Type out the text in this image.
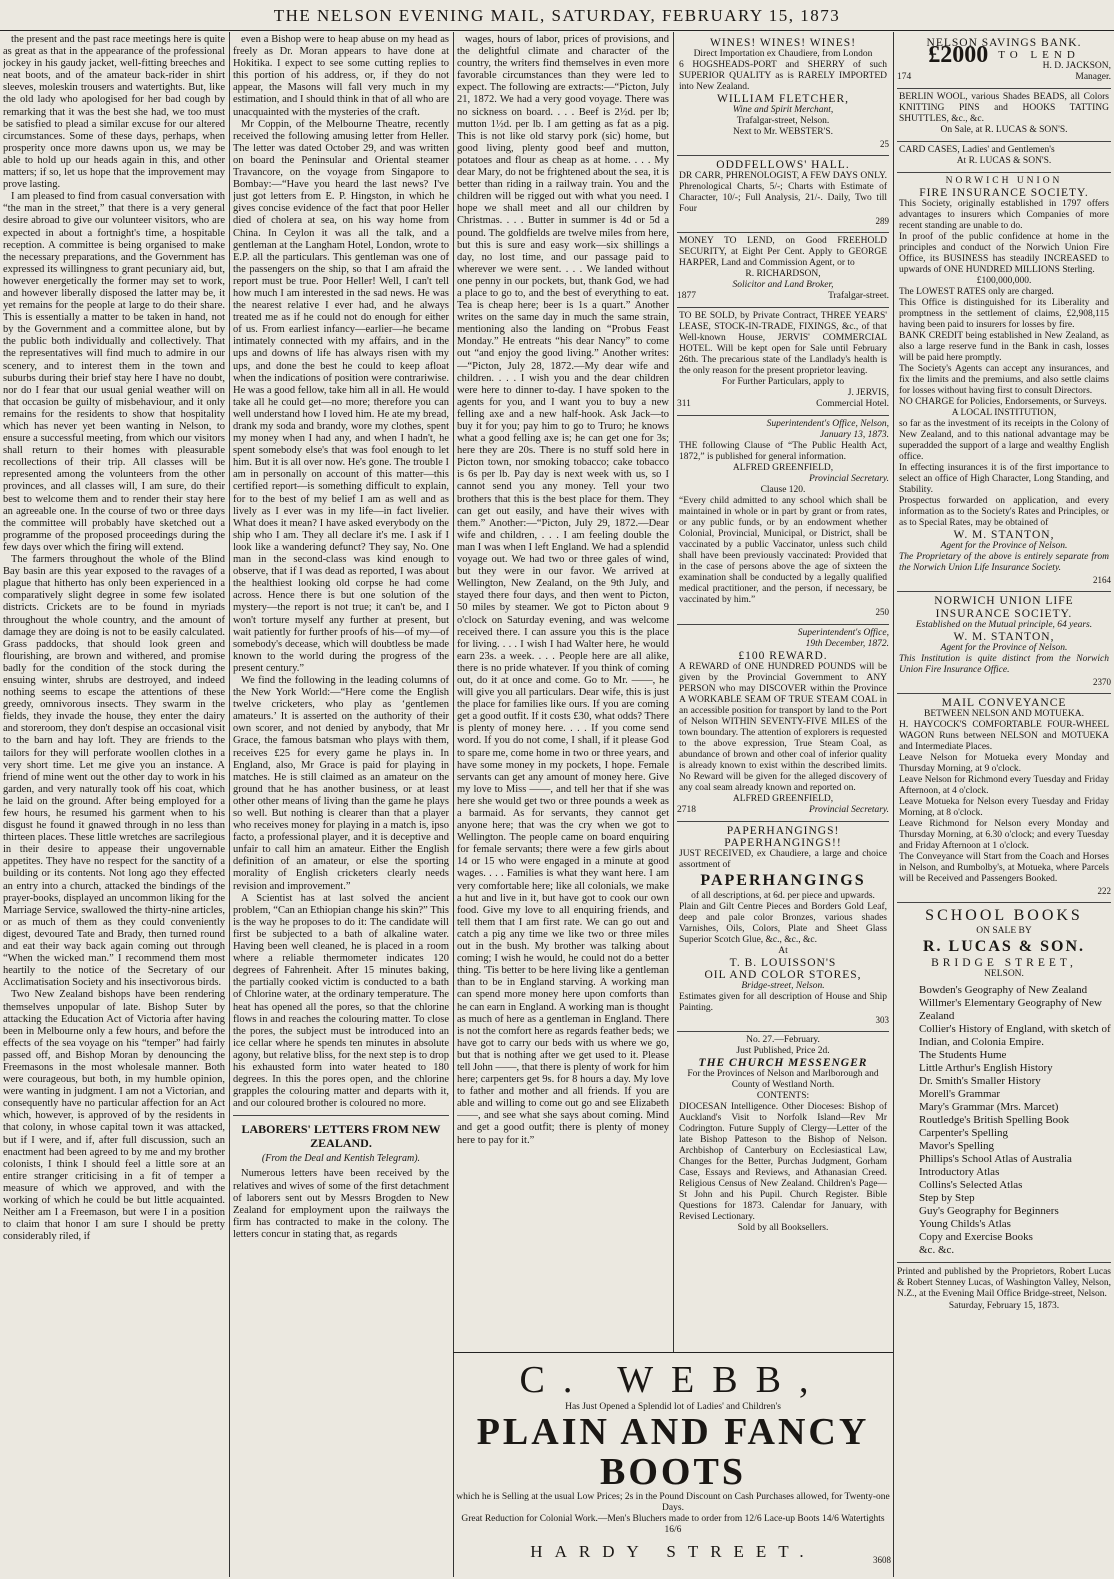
THE NELSON EVENING MAIL, SATURDAY, FEBRUARY 15, 1873

the present and the past race meetings here is quite as great as that in the appearance of the professional jockey in his gaudy jacket, well-fitting breeches and neat boots, and of the amateur back-rider in shirt sleeves, moleskin trousers and watertights. But, like the old lady who apologised for her bad cough by remarking that it was the best she had, we too must be satisfied to plead a similar excuse for our altered circumstances. Some of these days, perhaps, when prosperity once more dawns upon us, we may be able to hold up our heads again in this, and other matters; if so, let us hope that the improvement may prove lasting.

I am pleased to find from casual conversation with “the man in the street,” that there is a very general desire abroad to give our volunteer visitors, who are expected in about a fortnight's time, a hospitable reception. A committee is being organised to make the necessary preparations, and the Government has expressed its willingness to grant pecuniary aid, but, however energetically the former may set to work, and however liberally disposed the latter may be, it yet remains for the people at large to do their share. This is essentially a matter to be taken in hand, not by the Government and a committee alone, but by the public both individually and collectively. That the representatives will find much to admire in our scenery, and to interest them in the town and suburbs during their brief stay here I have no doubt, nor do I fear that our usual genial weather will on that occasion be guilty of misbehaviour, and it only remains for the residents to show that hospitality which has never yet been wanting in Nelson, to ensure a successful meeting, from which our visitors shall return to their homes with pleasurable recollections of their trip. All classes will be represented among the volunteers from the other provinces, and all classes will, I am sure, do their best to welcome them and to render their stay here an agreeable one. In the course of two or three days the committee will probably have sketched out a programme of the proposed proceedings during the few days over which the firing will extend.

The farmers throughout the whole of the Blind Bay basin are this year exposed to the ravages of a plague that hitherto has only been experienced in a comparatively slight degree in some few isolated districts. Crickets are to be found in myriads throughout the whole country, and the amount of damage they are doing is not to be easily calculated. Grass paddocks, that should look green and flourishing, are brown and withered, and promise badly for the condition of the stock during the ensuing winter, shrubs are destroyed, and indeed nothing seems to escape the attentions of these greedy, omnivorous insects. They swarm in the fields, they invade the house, they enter the dairy and storeroom, they don't despise an occasional visit to the barn and hay loft. They are friends to the tailors for they will perforate woollen clothes in a very short time. Let me give you an instance. A friend of mine went out the other day to work in his garden, and very naturally took off his coat, which he laid on the ground. After being employed for a few hours, he resumed his garment when to his disgust he found it gnawed through in no less than thirteen places. These little wretches are sacrilegious in their desire to appease their ungovernable appetites. They have no respect for the sanctity of a building or its contents. Not long ago they effected an entry into a church, attacked the bindings of the prayer-books, displayed an uncommon liking for the Marriage Service, swallowed the thirty-nine articles, or as much of them as they could conveniently digest, devoured Tate and Brady, then turned round and eat their way back again coming out through “When the wicked man.” I recommend them most heartily to the notice of the Secretary of our Acclimatisation Society and his insectivorous birds.

Two New Zealand bishops have been rendering themselves unpopular of late. Bishop Suter by attacking the Education Act of Victoria after having been in Melbourne only a few hours, and before the effects of the sea voyage on his “temper” had fairly passed off, and Bishop Moran by denouncing the Freemasons in the most wholesale manner. Both were courageous, but both, in my humble opinion, were wanting in judgment. I am not a Victorian, and consequently have no particular affection for an Act which, however, is approved of by the residents in that colony, in whose capital town it was attacked, but if I were, and if, after full discussion, such an enactment had been agreed to by me and my brother colonists, I think I should feel a little sore at an entire stranger criticising in a fit of temper a measure of which we approved, and with the working of which he could be but little acquainted. Neither am I a Freemason, but were I in a position to claim that honor I am sure I should be pretty considerably riled, if

even a Bishop were to heap abuse on my head as freely as Dr. Moran appears to have done at Hokitika. I expect to see some cutting replies to this portion of his address, or, if they do not appear, the Masons will fall very much in my estimation, and I should think in that of all who are unacquainted with the mysteries of the craft.

Mr Coppin, of the Melbourne Theatre, recently received the following amusing letter from Heller. The letter was dated October 29, and was written on board the Peninsular and Oriental steamer Travancore, on the voyage from Singapore to Bombay:—“Have you heard the last news? I've just got letters from E. P. Hingston, in which he gives concise evidence of the fact that poor Heller died of cholera at sea, on his way home from China. In Ceylon it was all the talk, and a gentleman at the Langham Hotel, London, wrote to E.P. all the particulars. This gentleman was one of the passengers on the ship, so that I am afraid the report must be true. Poor Heller! Well, I can't tell how much I am interested in the sad news. He was the nearest relative I ever had, and he always treated me as if he could not do enough for either of us. From earliest infancy—earlier—he became intimately connected with my affairs, and in the ups and downs of life has always risen with my ups, and done the best he could to keep afloat when the indications of position were contrariwise. He was a good fellow, take him all in all. He would take all he could get—no more; therefore you can well understand how I loved him. He ate my bread, drank my soda and brandy, wore my clothes, spent my money when I had any, and when I hadn't, he spent somebody else's that was fool enough to let him. But it is all over now. He's gone. The trouble I am in personally on account of this matter—this certified report—is something difficult to explain, for to the best of my belief I am as well and as lively as I ever was in my life—in fact livelier. What does it mean? I have asked everybody on the ship who I am. They all declare it's me. I ask if I look like a wandering defunct? They say, No. One man in the second-class was kind enough to observe, that if I was dead as reported, I was about the healthiest looking old corpse he had come across. Hence there is but one solution of the mystery—the report is not true; it can't be, and I won't torture myself any further at present, but wait patiently for further proofs of his—of my—of somebody's decease, which will doubtless be made known to the world during the progress of the present century.”

We find the following in the leading columns of the New York World:—“Here come the English twelve cricketers, who play as ‘gentlemen amateurs.’ It is asserted on the authority of their own scorer, and not denied by anybody, that Mr Grace, the famous batsman who plays with them, receives £25 for every game he plays in. In England, also, Mr Grace is paid for playing in matches. He is still claimed as an amateur on the ground that he has another business, or at least other other means of living than the game he plays so well. But nothing is clearer than that a player who receives money for playing in a match is, ipso facto, a professional player, and it is deceptive and unfair to call him an amateur. Either the English definition of an amateur, or else the sporting morality of English cricketers clearly needs revision and improvement.”

A Scientist has at last solved the ancient problem, “Can an Ethiopian change his skin?” This is the way he proposes to do it: The candidate will first be subjected to a bath of alkaline water. Having been well cleaned, he is placed in a room where a reliable thermometer indicates 120 degrees of Fahrenheit. After 15 minutes baking, the partially cooked victim is conducted to a bath of Chlorine water, at the ordinary temperature. The heat has opened all the pores, so that the chlorine flows in and reaches the colouring matter. To close the pores, the subject must be introduced into an ice cellar where he spends ten minutes in absolute agony, but relative bliss, for the next step is to drop his exhausted form into water heated to 180 degrees. In this the pores open, and the chlorine grapples the colouring matter and departs with it, and our coloured brother is coloured no more.

LABORERS' LETTERS FROM NEW ZEALAND.
(From the Deal and Kentish Telegram).

Numerous letters have been received by the relatives and wives of some of the first detachment of laborers sent out by Messrs Brogden to New Zealand for employment upon the railways the firm has contracted to make in the colony. The letters concur in stating that, as regards

wages, hours of labor, prices of provisions, and the delightful climate and character of the country, the writers find themselves in even more favorable circumstances than they were led to expect. The following are extracts:—“Picton, July 21, 1872. We had a very good voyage. There was no sickness on board. . . . Beef is 2½d. per lb; mutton 1½d. per lb. I am getting as fat as a pig. This is not like old starvy pork (sic) home, but good living, plenty good beef and mutton, potatoes and flour as cheap as at home. . . . My dear Mary, do not be frightened about the sea, it is better than riding in a railway train. You and the children will be rigged out with what you need. I hope we shall meet and all our children by Christmas. . . . Butter in summer is 4d or 5d a pound. The goldfields are twelve miles from here, but this is sure and easy work—six shillings a day, no lost time, and our passage paid to wherever we were sent. . . . We landed without one penny in our pockets, but, thank God, we had a place to go to, and the best of everything to eat. Tea is cheap here; beer is 1s a quart.” Another writes on the same day in much the same strain, mentioning also the landing on “Probus Feast Monday.” He entreats “his dear Nancy” to come out “and enjoy the good living.” Another writes:—“Picton, July 28, 1872.—My dear wife and children. . . . I wish you and the dear children were here to dinner to-day. I have spoken to the agents for you, and I want you to buy a new felling axe and a new half-hook. Ask Jack—to buy it for you; pay him to go to Truro; he knows what a good felling axe is; he can get one for 3s; here they are 20s. There is no stuff sold here in Picton town, nor smoking tobacco; cake tobacco is 6s per lb. Pay day is next week with us, so I cannot send you any money. Tell your two brothers that this is the best place for them. They can get out easily, and have their wives with them.” Another:—“Picton, July 29, 1872.—Dear wife and children, . . . I am feeling double the man I was when I left England. We had a splendid voyage out. We had two or three gales of wind, but they were in our favor. We arrived at Wellington, New Zealand, on the 9th July, and stayed there four days, and then went to Picton, 50 miles by steamer. We got to Picton about 9 o'clock on Saturday evening, and was welcome received there. I can assure you this is the place for living. . . . I wish I had Walter here, he would earn 23s. a week. . . . People here are all alike, there is no pride whatever. If you think of coming out, do it at once and come. Go to Mr. ——, he will give you all particulars. Dear wife, this is just the place for families like ours. If you are coming get a good outfit. If it costs £30, what odds? There is plenty of money here. . . . If you come send word. If you do not come, I shall, if it please God to spare me, come home in two or three years, and have some money in my pockets, I hope. Female servants can get any amount of money here. Give my love to Miss ——, and tell her that if she was here she would get two or three pounds a week as a barmaid. As for servants, they cannot get anyone here; that was the cry when we got to Wellington. The people came on board enquiring for female servants; there were a few girls about 14 or 15 who were engaged in a minute at good wages. . . . Families is what they want here. I am very comfortable here; like all colonials, we make a hut and live in it, but have got to cook our own food. Give my love to all enquiring friends, and tell them that I am first rate. We can go out and catch a pig any time we like two or three miles out in the bush. My brother was talking about coming; I wish he would, he could not do a better thing. 'Tis better to be here living like a gentleman than to be in England starving. A working man can spend more money here upon comforts than he can earn in England. A working man is thought as much of here as a gentleman in England. There is not the comfort here as regards feather beds; we have got to carry our beds with us where we go, but that is nothing after we get used to it. Please tell John ——, that there is plenty of work for him here; carpenters get 9s. for 8 hours a day. My love to father and mother and all friends. If you are able and willing to come out go and see Elizabeth ——, and see what she says about coming. Mind and get a good outfit; there is plenty of money here to pay for it.”

WINES! WINES! WINES!
Direct Importation ex Chaudiere, from London
6 HOGSHEADS-PORT and SHERRY of such SUPERIOR QUALITY as is RARELY IMPORTED into New Zealand.
WILLIAM FLETCHER,
Wine and Spirit Merchant,
Trafalgar-street, Nelson.
Next to Mr. WEBSTER'S.
25
ODDFELLOWS' HALL.
DR CARR, PHRENOLOGIST, A FEW DAYS ONLY. Phrenological Charts, 5/-; Charts with Estimate of Character, 10/-; Full Analysis, 21/-. Daily, Two till Four
289
MONEY TO LEND, on Good FREEHOLD SECURITY, at Eight Per Cent. Apply to GEORGE HARPER, Land and Commission Agent, or to
R. RICHARDSON,
Solicitor and Land Broker,
1877	Trafalgar-street.
TO BE SOLD, by Private Contract, THREE YEARS' LEASE, STOCK-IN-TRADE, FIXINGS, &c., of that Well-known House, JERVIS' COMMERCIAL HOTEL. Will be kept open for Sale until February 26th. The precarious state of the Landlady's health is the only reason for the present proprietor leaving.
For Further Particulars, apply to
J. JERVIS,
311	Commercial Hotel.
Superintendent's Office, Nelson,
January 13, 1873.
THE following Clause of “The Public Health Act, 1872,” is published for general information.
ALFRED GREENFIELD,
Provincial Secretary.
Clause 120.
“Every child admitted to any school which shall be maintained in whole or in part by grant or from rates, or any public funds, or by an endowment whether Colonial, Provincial, Municipal, or District, shall be vaccinated by a public Vaccinator, unless such child shall have been previously vaccinated: Provided that in the case of persons above the age of sixteen the examination shall be conducted by a legally qualified medical practitioner, and the person, if necessary, be vaccinated by him.”
250
Superintendent's Office,
19th December, 1872.
£100 REWARD.
A REWARD of ONE HUNDRED POUNDS will be given by the Provincial Government to ANY PERSON who may DISCOVER within the Province A WORKABLE SEAM OF TRUE STEAM COAL in an accessible position for transport by land to the Port of Nelson WITHIN SEVENTY-FIVE MILES of the town boundary. The attention of explorers is requested to the above expression, True Steam Coal, as abundance of brown and other coal of inferior quality is already known to exist within the described limits. No Reward will be given for the alleged discovery of any coal seam already known and reported on.
ALFRED GREENFIELD,
2718	Provincial Secretary.
PAPERHANGINGS! PAPERHANGINGS!!
JUST RECEIVED, ex Chaudiere, a large and choice assortment of
PAPERHANGINGS
of all descriptions, at 6d. per piece and upwards.
Plain and Gilt Centre Pieces and Borders Gold Leaf, deep and pale color Bronzes, various shades Varnishes, Oils, Colors, Plate and Sheet Glass Superior Scotch Glue, &c., &c., &c.
At
T. B. LOUISSON'S
OIL AND COLOR STORES,
Bridge-street, Nelson.
Estimates given for all description of House and Ship Painting.
303
No. 27.—February.
Just Published, Price 2d.
THE CHURCH MESSENGER
For the Provinces of Nelson and Marlborough and County of Westland North.
CONTENTS:
DIOCESAN Intelligence. Other Dioceses: Bishop of Auckland's Visit to Norfolk Island—Rev Mr Codrington. Future Supply of Clergy—Letter of the late Bishop Patteson to the Bishop of Nelson. Archbishop of Canterbury on Ecclesiastical Law, Changes for the Better, Purchas Judgment, Gorham Case, Essays and Reviews, and Athanasian Creed. Religious Census of New Zealand. Children's Page—St John and his Pupil. Church Register. Bible Questions for 1873. Calendar for January, with Revised Lectionary.
Sold by all Booksellers.
NELSON SAVINGS BANK.
£2000 TO LEND
H. D. JACKSON,
174	Manager.
BERLIN WOOL, various Shades BEADS, all Colors KNITTING PINS and HOOKS TATTING SHUTTLES, &c., &c.
On Sale, at R. LUCAS & SON'S.
CARD CASES, Ladies' and Gentlemen's
At R. LUCAS & SON'S.
NORWICH UNION
FIRE INSURANCE SOCIETY.
This Society, originally established in 1797 offers advantages to insurers which Companies of more recent standing are unable to do.
In proof of the public confidence at home in the principles and conduct of the Norwich Union Fire Office, its BUSINESS has steadily INCREASED to upwards of ONE HUNDRED MILLIONS Sterling.
£100,000,000.
The LOWEST RATES only are charged.
This Office is distinguished for its Liberality and promptness in the settlement of claims, £2,908,115 having been paid to insurers for losses by fire.
BANK CREDIT being established in New Zealand, as also a large reserve fund in the Bank in cash, losses will be paid here promptly.
The Society's Agents can accept any insurances, and fix the limits and the premiums, and also settle claims for losses without having first to consult Directors.
NO CHARGE for Policies, Endorsements, or Surveys.
A LOCAL INSTITUTION,
so far as the investment of its receipts in the Colony of New Zealand, and to this national advantage may be superadded the support of a large and wealthy English office.
In effecting insurances it is of the first importance to select an office of High Character, Long Standing, and Stability.
Prospectus forwarded on application, and every information as to the Society's Rates and Principles, or as to Special Rates, may be obtained of
W. M. STANTON,
Agent for the Province of Nelson.
The Proprietary of the above is entirely separate from the Norwich Union Life Insurance Society.
2164
NORWICH UNION LIFE INSURANCE SOCIETY.
Established on the Mutual principle, 64 years.
W. M. STANTON,
Agent for the Province of Nelson.
This Institution is quite distinct from the Norwich Union Fire Insurance Office.
2370
MAIL CONVEYANCE
BETWEEN NELSON AND MOTUEKA.
H. HAYCOCK'S COMFORTABLE FOUR-WHEEL WAGON Runs between NELSON and MOTUEKA and Intermediate Places.
Leave Nelson for Motueka every Monday and Thursday Morning, at 9 o'clock.
Leave Nelson for Richmond every Tuesday and Friday Afternoon, at 4 o'clock.
Leave Motueka for Nelson every Tuesday and Friday Morning, at 8 o'clock.
Leave Richmond for Nelson every Monday and Thursday Morning, at 6.30 o'clock; and every Tuesday and Friday Afternoon at 1 o'clock.
The Conveyance will Start from the Coach and Horses in Nelson, and Rumbolby's, at Motueka, where Parcels will be Received and Passengers Booked.
222
SCHOOL BOOKS
ON SALE BY
R. LUCAS & SON.
BRIDGE STREET,
NELSON.
Bowden's Geography of New Zealand
Willmer's Elementary Geography of New Zealand
Collier's History of England, with sketch of Indian, and Colonia Empire.
The Students Hume
Little Arthur's English History
Dr. Smith's Smaller History
Morell's Grammar
Mary's Grammar (Mrs. Marcet)
Routledge's British Spelling Book
Carpenter's Spelling
Mavor's Spelling
Phillips's School Atlas of Australia Introductory Atlas
Collins's Selected Atlas
Step by Step
Guy's Geography for Beginners
Young Childs's Atlas
Copy and Exercise Books
&c. &c.
Printed and published by the Proprietors, Robert Lucas & Robert Stenney Lucas, of Washington Valley, Nelson, N.Z., at the Evening Mail Office Bridge-street, Nelson.
Saturday, February 15, 1873.
C. WEBB,
Has Just Opened a Splendid lot of Ladies' and Children's
PLAIN AND FANCY BOOTS
which he is Selling at the usual Low Prices; 2s in the Pound Discount on Cash Purchases allowed, for Twenty-one Days.
Great Reduction for Colonial Work.—Men's Bluchers made to order from 12/6 Lace-up Boots 14/6 Watertights 16/6
HARDY STREET.	3608
